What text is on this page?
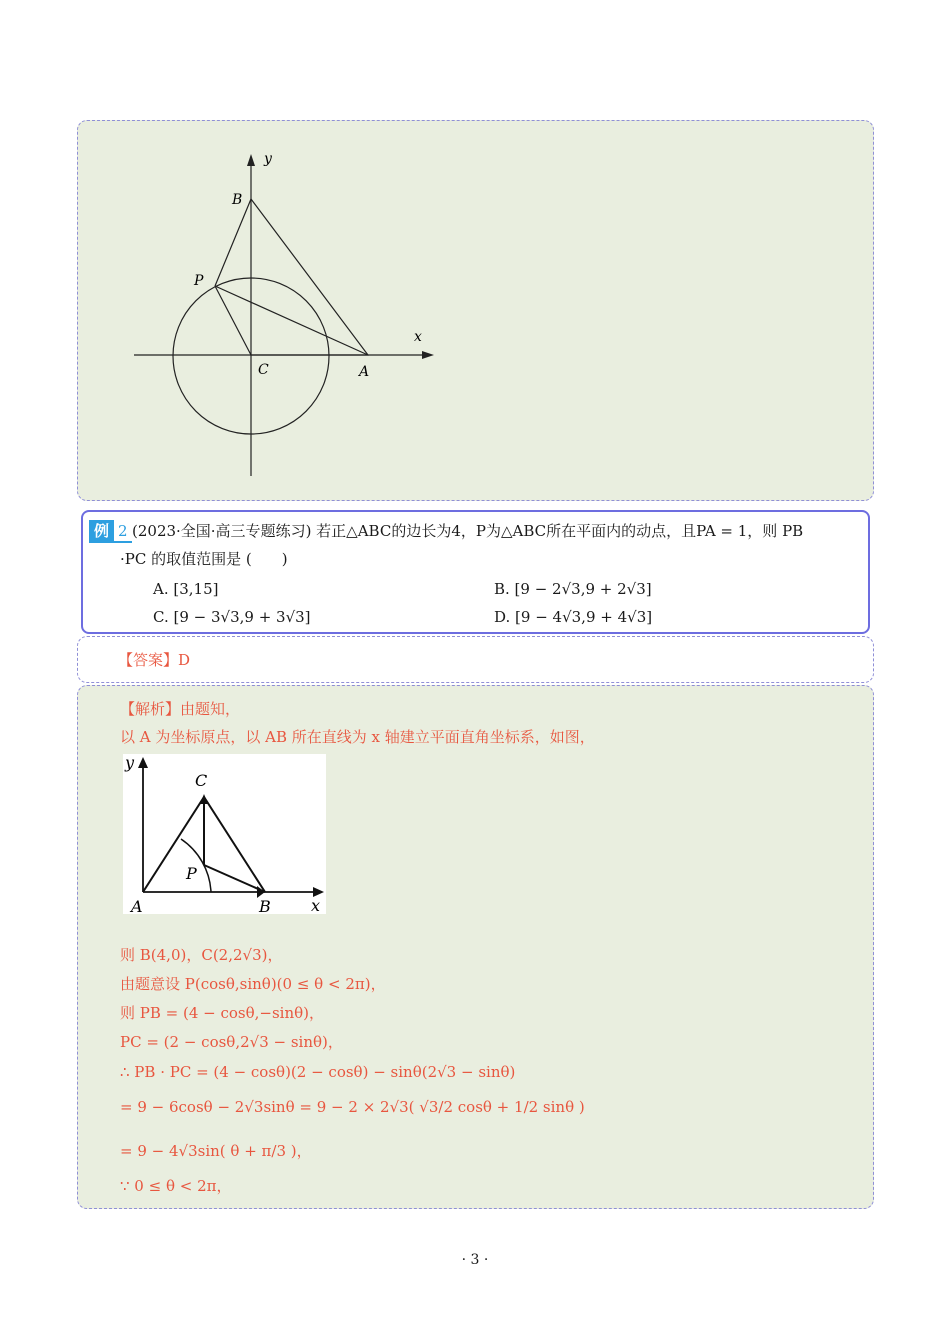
y
x
B
P
C	A
例 2 (2023·全国·高三专题练习) 若正△ABC的边长为4，P为△ABC所在平面内的动点，且PA = 1，则 PB
·PC 的取值范围是 (　　)
A. [3,15]	B. [9 − 2√3,9 + 2√3]
C. [9 − 3√3,9 + 3√3]	D. [9 − 4√3,9 + 4√3]
【答案】D
【解析】由题知，
以 A 为坐标原点，以 AB 所在直线为 x 轴建立平面直角坐标系，如图，
y
x
C
P
A	B
则 B(4,0)，C(2,2√3)，
由题意设 P(cosθ,sinθ)(0 ≤ θ < 2π)，
则 PB = (4 − cosθ,−sinθ)，
PC = (2 − cosθ,2√3 − sinθ)，
∴ PB · PC = (4 − cosθ)(2 − cosθ) − sinθ(2√3 − sinθ)
= 9 − 6cosθ − 2√3sinθ = 9 − 2 × 2√3( √3/2 cosθ + 1/2 sinθ )
= 9 − 4√3sin( θ + π/3 )，
∵ 0 ≤ θ < 2π，
· 3 ·
